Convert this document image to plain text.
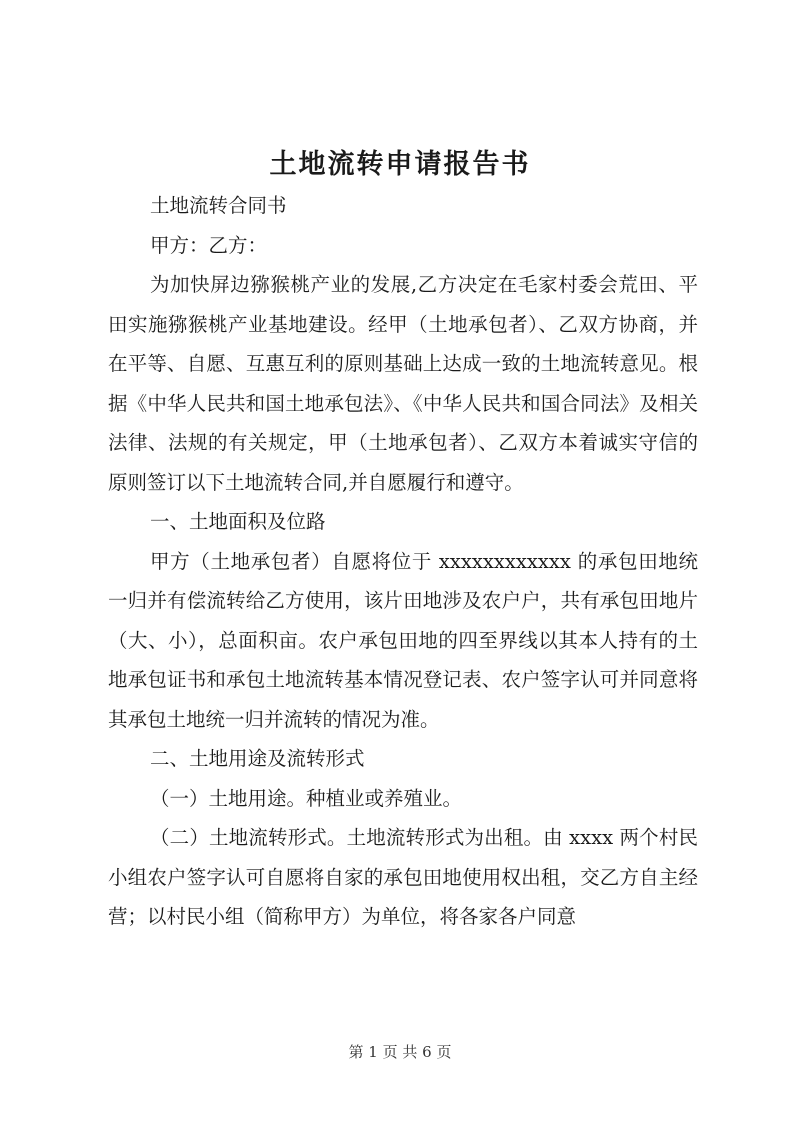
土地流转申请报告书

土地流转合同书

甲方：乙方：

为加快屏边猕猴桃产业的发展,乙方决定在毛家村委会荒田、平田实施猕猴桃产业基地建设。经甲（土地承包者）、乙双方协商，并在平等、自愿、互惠互利的原则基础上达成一致的土地流转意见。根据《中华人民共和国土地承包法》、《中华人民共和国合同法》及相关法律、法规的有关规定，甲（土地承包者）、乙双方本着诚实守信的原则签订以下土地流转合同,并自愿履行和遵守。

一、土地面积及位路

甲方（土地承包者）自愿将位于 xxxxxxxxxxxx 的承包田地统一归并有偿流转给乙方使用，该片田地涉及农户户，共有承包田地片（大、小），总面积亩。农户承包田地的四至界线以其本人持有的土地承包证书和承包土地流转基本情况登记表、农户签字认可并同意将其承包土地统一归并流转的情况为准。

二、土地用途及流转形式

（一）土地用途。种植业或养殖业。

（二）土地流转形式。土地流转形式为出租。由 xxxx 两个村民小组农户签字认可自愿将自家的承包田地使用权出租，交乙方自主经营；以村民小组（简称甲方）为单位，将各家各户同意

第 1 页 共 6 页
